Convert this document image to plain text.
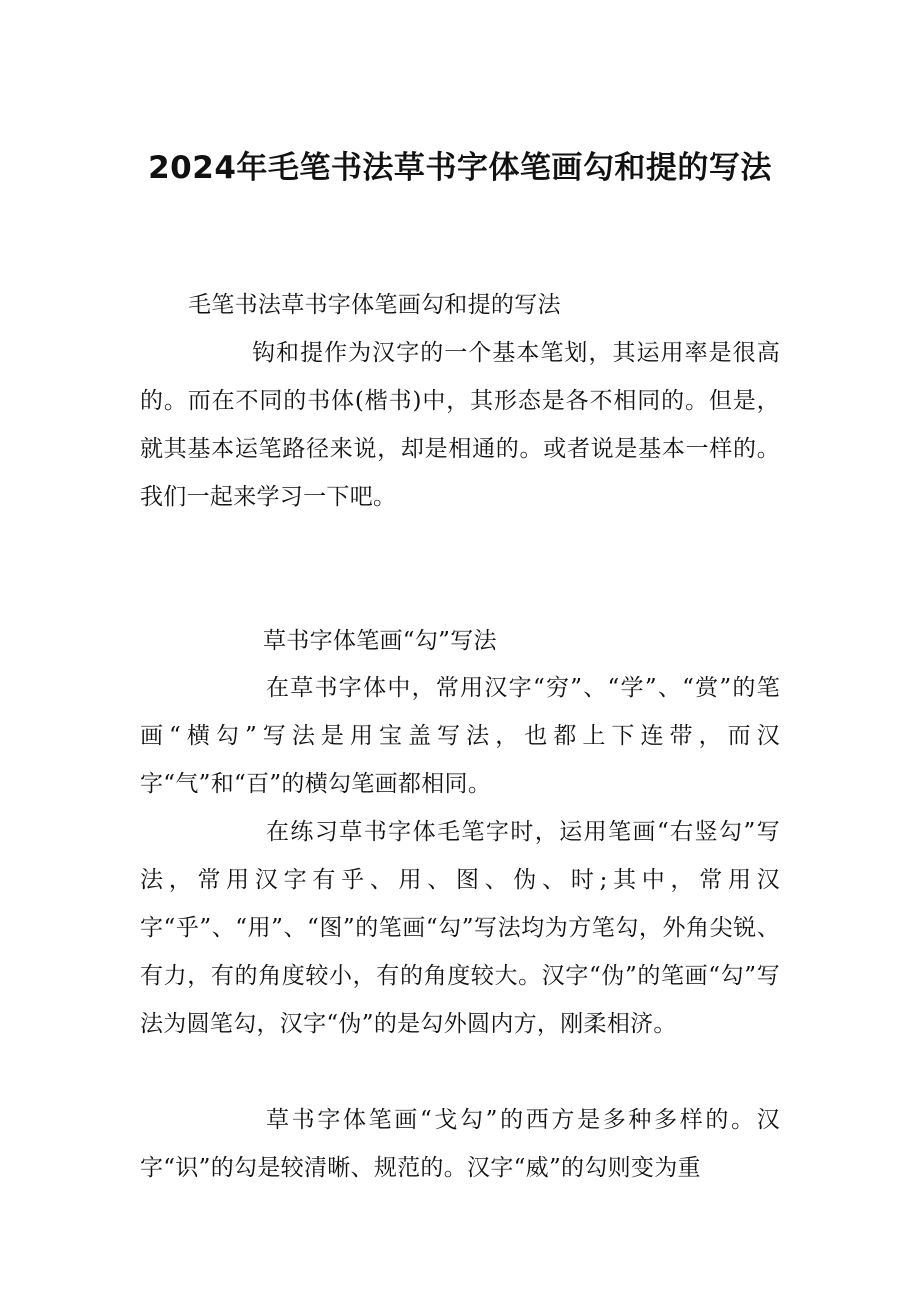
2024年毛笔书法草书字体笔画勾和提的写法

毛笔书法草书字体笔画勾和提的写法

钩和提作为汉字的一个基本笔划，其运用率是很高的。而在不同的书体(楷书)中，其形态是各不相同的。但是，就其基本运笔路径来说，却是相通的。或者说是基本一样的。我们一起来学习一下吧。

草书字体笔画“勾”写法

在草书字体中，常用汉字“穷”、“学”、“赏”的笔画“横勾”写法是用宝盖写法，也都上下连带，而汉字“气”和“百”的横勾笔画都相同。

在练习草书字体毛笔字时，运用笔画“右竖勾”写法，常用汉字有乎、用、图、伪、时;其中，常用汉字“乎”、“用”、“图”的笔画“勾”写法均为方笔勾，外角尖锐、有力，有的角度较小，有的角度较大。汉字“伪”的笔画“勾”写法为圆笔勾，汉字“伪”的是勾外圆内方，刚柔相济。

草书字体笔画“戈勾”的西方是多种多样的。汉字“识”的勾是较清晰、规范的。汉字“威”的勾则变为重
